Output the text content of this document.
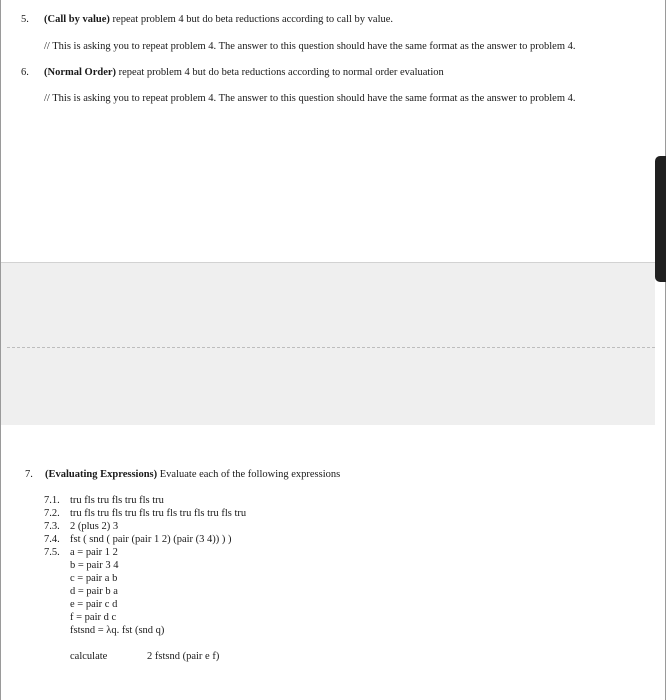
5. (Call by value) repeat problem 4 but do beta reductions according to call by value.
// This is asking you to repeat problem 4. The answer to this question should have the same format as the answer to problem 4.
6. (Normal Order) repeat problem 4 but do beta reductions according to normal order evaluation
// This is asking you to repeat problem 4. The answer to this question should have the same format as the answer to problem 4.
7. (Evaluating Expressions) Evaluate each of the following expressions
7.1. tru fls tru fls tru fls tru
7.2. tru fls tru fls tru fls tru fls tru fls tru fls tru
7.3. 2 (plus 2) 3
7.4. fst ( snd ( pair (pair 1 2) (pair (3 4)) ) )
7.5. a = pair 1 2
b = pair 3 4
c = pair a b
d = pair b a
e = pair c d
f = pair d c
fstsnd = λq. fst (snd q)
calculate	2 fstsnd (pair e f)
